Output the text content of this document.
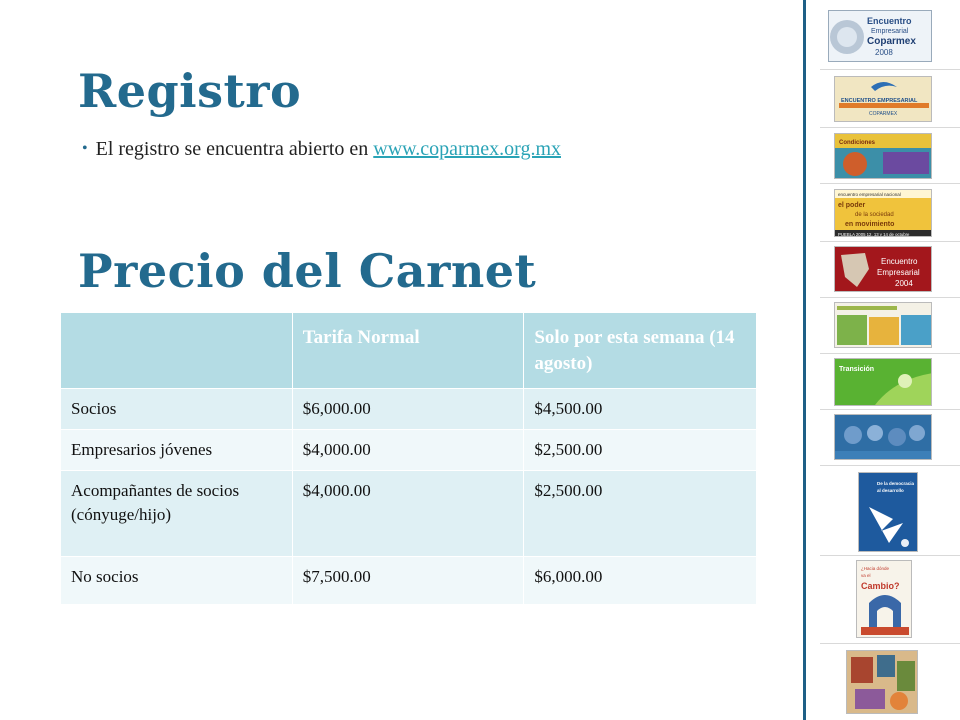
Registro
• El registro se encuentra abierto en www.coparmex.org.mx
Precio del Carnet
	Tarifa Normal	Solo por esta semana (14 agosto)
Socios	$6,000.00	$4,500.00
Empresarios jóvenes	$4,000.00	$2,500.00
Acompañantes de socios (cónyuge/hijo)	$4,000.00	$2,500.00
No socios	$7,500.00	$6,000.00
Encuentro
Empresarial
Coparmex
2008
ENCUENTRO EMPRESARIAL
COPARMEX
Condiciones
encuentro empresarial nacional
el poder
de la sociedad
en movimiento
PUEBLA 2005 12, 13 y 14 de octubre
Encuentro
Empresarial
2004
Transición
De la democracia
al desarrollo
¿Hacia dónde
va el
Cambio?
